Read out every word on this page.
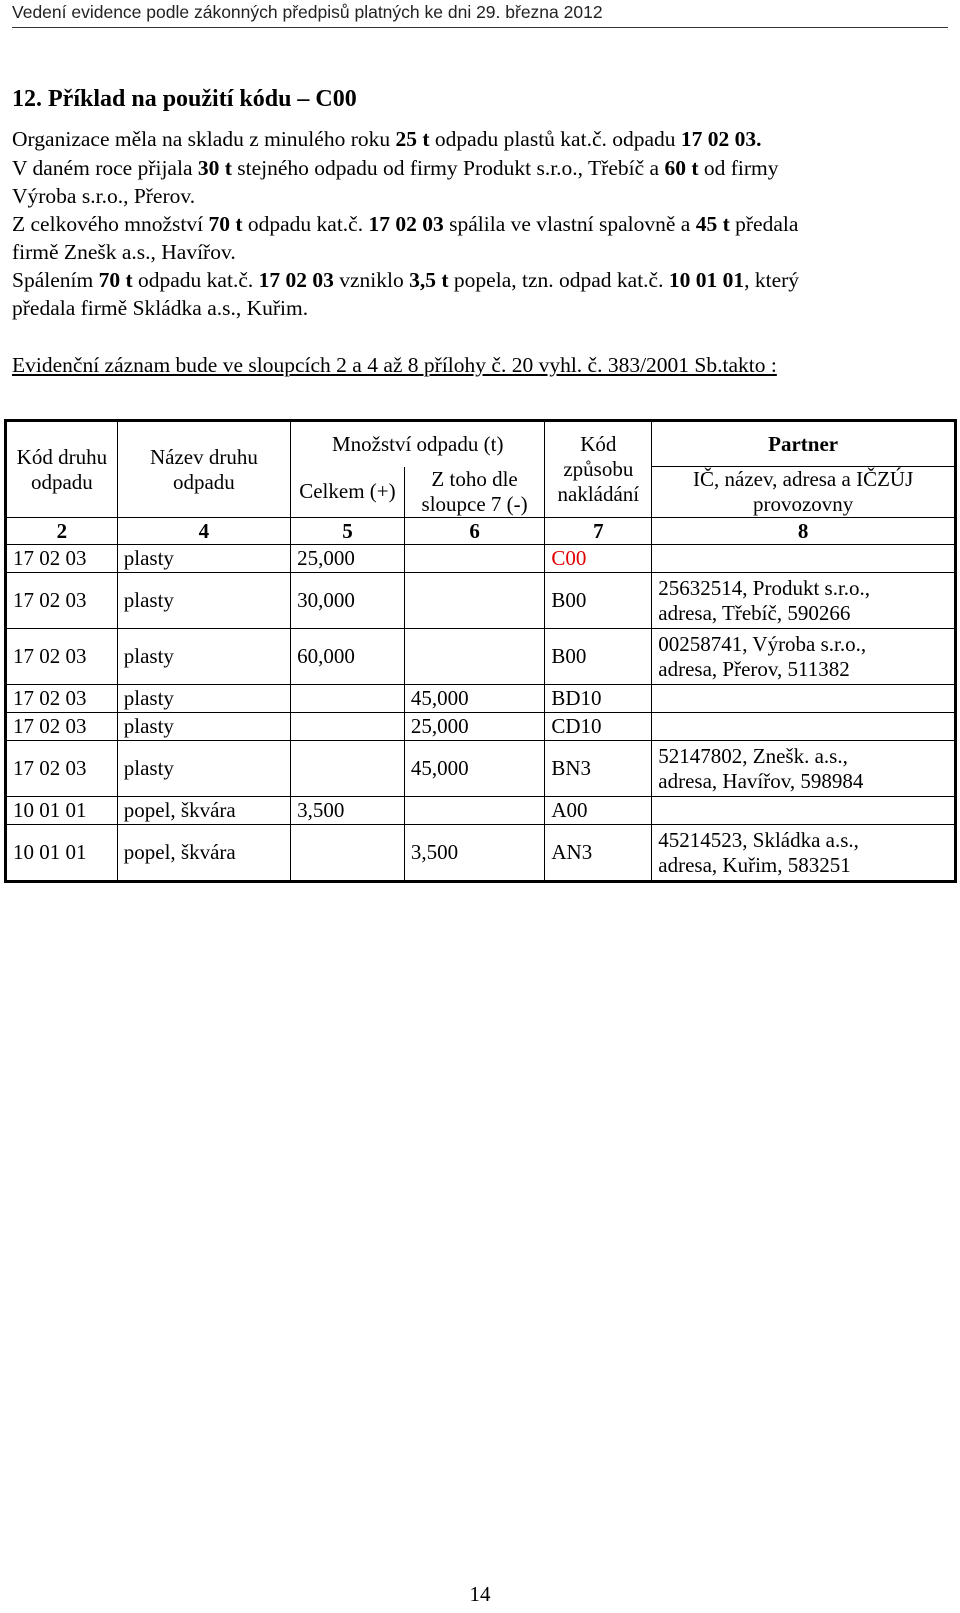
Vedení evidence podle zákonných předpisů platných ke dni 29. března 2012
12. Příklad na použití kódu – C00
Organizace měla na skladu z minulého roku 25 t odpadu plastů kat.č. odpadu 17 02 03.
V daném roce přijala 30 t stejného odpadu od firmy Produkt s.r.o., Třebíč a 60 t od firmy
Výroba s.r.o., Přerov.
Z celkového množství 70 t odpadu kat.č. 17 02 03 spálila ve vlastní spalovně a 45 t předala
firmě Znešk a.s., Havířov.
Spálením 70 t odpadu kat.č. 17 02 03 vzniklo 3,5 t popela, tzn. odpad kat.č. 10 01 01, který
předala firmě Skládka a.s., Kuřim.
Evidenční záznam bude ve sloupcích 2 a 4 až 8 přílohy č. 20 vyhl. č. 383/2001 Sb.takto :
Kód druhu odpadu	Název druhu odpadu	Množství odpadu (t)		Kód způsobu nakládání	Partner
		Celkem (+)	Z toho dle sloupce 7 (-)		IČ, název, adresa a IČZÚJ provozovny
2	4	5	6	7	8
17 02 03	plasty	25,000		C00	

17 02 03	plasty	30,000		B00	25632514, Produkt s.r.o.,
adresa, Třebíč, 590266

17 02 03	plasty	60,000		B00	00258741, Výroba s.r.o.,
adresa, Přerov, 511382

17 02 03	plasty		45,000	BD10	

17 02 03	plasty		25,000	CD10	

17 02 03	plasty		45,000	BN3	52147802, Znešk. a.s.,
adresa, Havířov, 598984

10 01 01	popel, škvára	3,500		A00	

10 01 01	popel, škvára		3,500	AN3	45214523, Skládka a.s.,
adresa, Kuřim, 583251
14
